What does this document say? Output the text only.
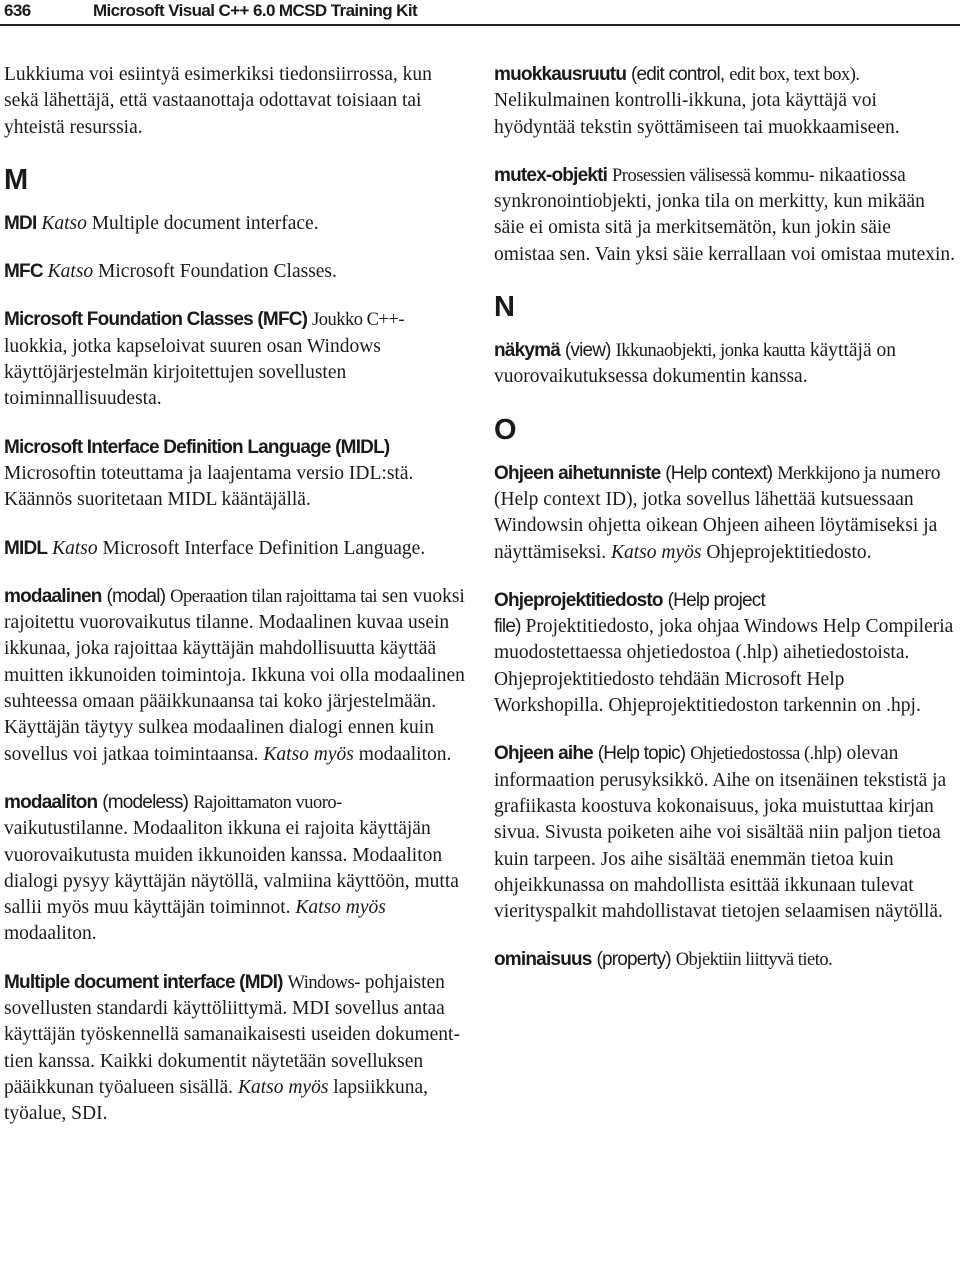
636	Microsoft Visual C++ 6.0 MCSD Training Kit

Lukkiuma voi esiintyä esimerkiksi tiedonsiirrossa, kun sekä lähettäjä, että vastaanottaja odottavat toisiaan tai yhteistä resurssia.

M

MDI Katso Multiple document interface.

MFC Katso Microsoft Foundation Classes.

Microsoft Foundation Classes (MFC) Joukko C++- luokkia, jotka kapseloivat suuren osan Windows käyttöjärjestelmän kirjoitettujen sovellusten toiminnallisuudesta.

Microsoft Interface Definition Language (MIDL)
Microsoftin toteuttama ja laajentama versio IDL:stä. Käännös suoritetaan MIDL kääntäjällä.

MIDL Katso Microsoft Interface Definition Language.

modaalinen (modal) Operaation tilan rajoittama tai sen vuoksi rajoitettu vuorovaikutus tilanne. Modaalinen kuvaa usein ikkunaa, joka rajoittaa käyttäjän mahdollisuutta käyttää muitten ikkunoiden toimintoja. Ikkuna voi olla modaalinen suhteessa omaan pääikkunaansa tai koko järjestelmään. Käyttäjän täytyy sulkea modaalinen dialogi ennen kuin sovellus voi jatkaa toimintaansa. Katso myös modaaliton.

modaaliton (modeless) Rajoittamaton vuoro- vaikutustilanne. Modaaliton ikkuna ei rajoita käyttäjän vuorovaikutusta muiden ikkunoiden kanssa. Modaaliton dialogi pysyy käyttäjän näytöllä, valmiina käyttöön, mutta sallii myös muu käyttäjän toiminnot. Katso myös modaaliton.

Multiple document interface (MDI) Windows- pohjaisten sovellusten standardi käyttöliittymä. MDI sovellus antaa käyttäjän työskennellä samanaikaisesti useiden dokument-tien kanssa. Kaikki dokumentit näytetään sovelluksen pääikkunan työalueen sisällä. Katso myös lapsiikkuna, työalue, SDI.

muokkausruutu (edit control, edit box, text box). Nelikulmainen kontrolli-ikkuna, jota käyttäjä voi hyödyntää tekstin syöttämiseen tai muokkaamiseen.

mutex-objekti Prosessien välisessä kommu- nikaatiossa synkronointiobjekti, jonka tila on merkitty, kun mikään säie ei omista sitä ja merkitsemätön, kun jokin säie omistaa sen. Vain yksi säie kerrallaan voi omistaa mutexin.

N

näkymä (view) Ikkunaobjekti, jonka kautta käyttäjä on vuorovaikutuksessa dokumentin kanssa.

O

Ohjeen aihetunniste (Help context) Merkkijono ja numero (Help context ID), jotka sovellus lähettää kutsuessaan Windowsin ohjetta oikean Ohjeen aiheen löytämiseksi ja näyttämiseksi. Katso myös Ohjeprojektitiedosto.

Ohjeprojektitiedosto (Help project
file) Projektitiedosto, joka ohjaa Windows Help Compileria muodostettaessa ohjetiedostoa (.hlp) aihetiedostoista. Ohjeprojektitiedosto tehdään Microsoft Help Workshopilla. Ohjeprojektitiedoston tarkennin on .hpj.

Ohjeen aihe (Help topic) Ohjetiedostossa (.hlp) olevan informaation perusyksikkö. Aihe on itsenäinen tekstistä ja grafiikasta koostuva kokonaisuus, joka muistuttaa kirjan sivua. Sivusta poiketen aihe voi sisältää niin paljon tietoa kuin tarpeen. Jos aihe sisältää enemmän tietoa kuin ohjeikkunassa on mahdollista esittää ikkunaan tulevat vierityspalkit mahdollistavat tietojen selaamisen näytöllä.

ominaisuus (property) Objektiin liittyvä tieto.
